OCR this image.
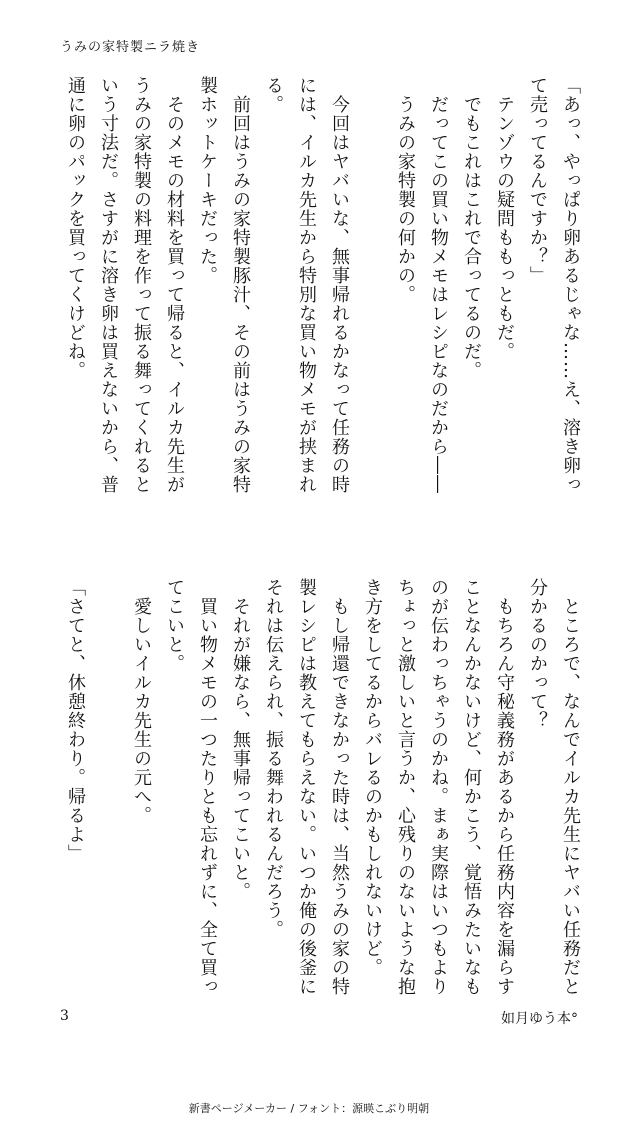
うみの家特製ニラ焼き
「あっ、やっぱり卵あるじゃな……え、溶き卵っ
て売ってるんですか？」
　テンゾウの疑問ももっともだ。
　でもこれはこれで合ってるのだ。
　だってこの買い物メモはレシピなのだから――
　うみの家特製の何かの。
　今回はヤバいな、無事帰れるかなって任務の時
には、イルカ先生から特別な買い物メモが挟まれ
る。
　前回はうみの家特製豚汁、その前はうみの家特
製ホットケーキだった。
　そのメモの材料を買って帰ると、イルカ先生が
うみの家特製の料理を作って振る舞ってくれると
いう寸法だ。さすがに溶き卵は買えないから、普
通に卵のパックを買ってくけどね。
　ところで、なんでイルカ先生にヤバい任務だと
分かるのかって？
　もちろん守秘義務があるから任務内容を漏らす
ことなんかないけど、何かこう、覚悟みたいなも
のが伝わっちゃうのかね。まぁ実際はいつもより
ちょっと激しいと言うか、心残りのないような抱
き方をしてるからバレるのかもしれないけど。
　もし帰還できなかった時は、当然うみの家の特
製レシピは教えてもらえない。いつか俺の後釜に
それは伝えられ、振る舞われるんだろう。
　それが嫌なら、無事帰ってこいと。
　買い物メモの一つたりとも忘れずに、全て買っ
てこいと。
　愛しいイルカ先生の元へ。
「さてと、休憩終わり。帰るよ」
3	如月ゆう本°
新書ページメーカー / フォント：源暎こぶり明朝
